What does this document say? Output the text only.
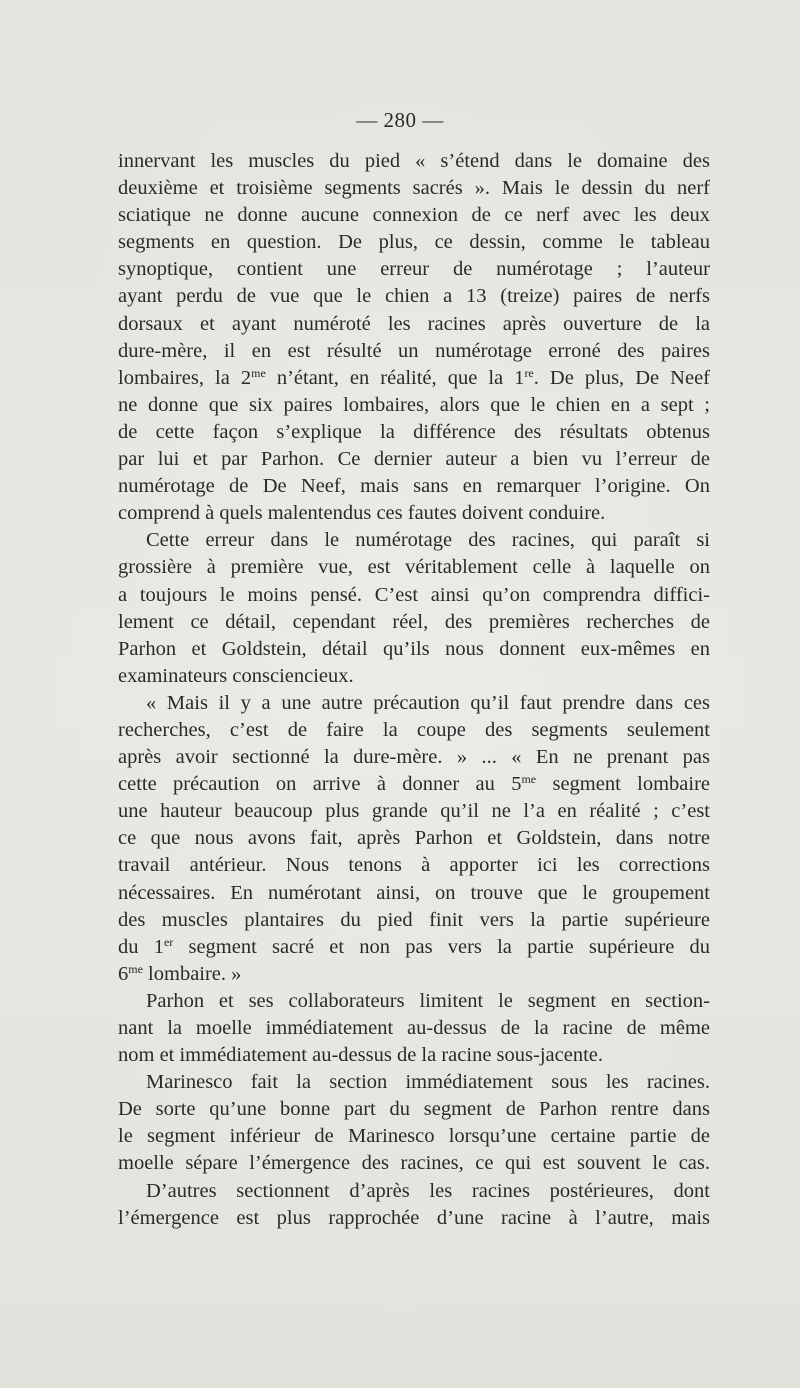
— 280 —
innervant les muscles du pied « s’étend dans le domaine des
deuxième et troisième segments sacrés ». Mais le dessin du nerf
sciatique ne donne aucune connexion de ce nerf avec les deux
segments en question. De plus, ce dessin, comme le tableau
synoptique, contient une erreur de numérotage ; l’auteur
ayant perdu de vue que le chien a 13 (treize) paires de nerfs
dorsaux et ayant numéroté les racines après ouverture de la
dure-mère, il en est résulté un numérotage erroné des paires
lombaires, la $2^{me}$ n’étant, en réalité, que la 1re. De plus, De Neef
ne donne que six paires lombaires, alors que le chien en a sept ;
de cette façon s’explique la différence des résultats obtenus
par lui et par Parhon. Ce dernier auteur a bien vu l’erreur de
numérotage de De Neef, mais sans en remarquer l’origine. On
comprend à quels malentendus ces fautes doivent conduire.
Cette erreur dans le numérotage des racines, qui paraît si
grossière à première vue, est véritablement celle à laquelle on
a toujours le moins pensé. C’est ainsi qu’on comprendra diffici-
lement ce détail, cependant réel, des premières recherches de
Parhon et Goldstein, détail qu’ils nous donnent eux-mêmes en
examinateurs consciencieux.
« Mais il y a une autre précaution qu’il faut prendre dans ces
recherches, c’est de faire la coupe des segments seulement
après avoir sectionné la dure-mère. » ... « En ne prenant pas
cette précaution on arrive à donner au $5^{me}$ segment lombaire
une hauteur beaucoup plus grande qu’il ne l’a en réalité ; c’est
ce que nous avons fait, après Parhon et Goldstein, dans notre
travail antérieur. Nous tenons à apporter ici les corrections
nécessaires. En numérotant ainsi, on trouve que le groupement
des muscles plantaires du pied finit vers la partie supérieure
du 1er segment sacré et non pas vers la partie supérieure du
$6^{me}$ lombaire. »
Parhon et ses collaborateurs limitent le segment en section-
nant la moelle immédiatement au-dessus de la racine de même
nom et immédiatement au-dessus de la racine sous-jacente.
Marinesco fait la section immédiatement sous les racines.
De sorte qu’une bonne part du segment de Parhon rentre dans
le segment inférieur de Marinesco lorsqu’une certaine partie de
moelle sépare l’émergence des racines, ce qui est souvent le cas.
D’autres sectionnent d’après les racines postérieures, dont
l’émergence est plus rapprochée d’une racine à l’autre, mais
